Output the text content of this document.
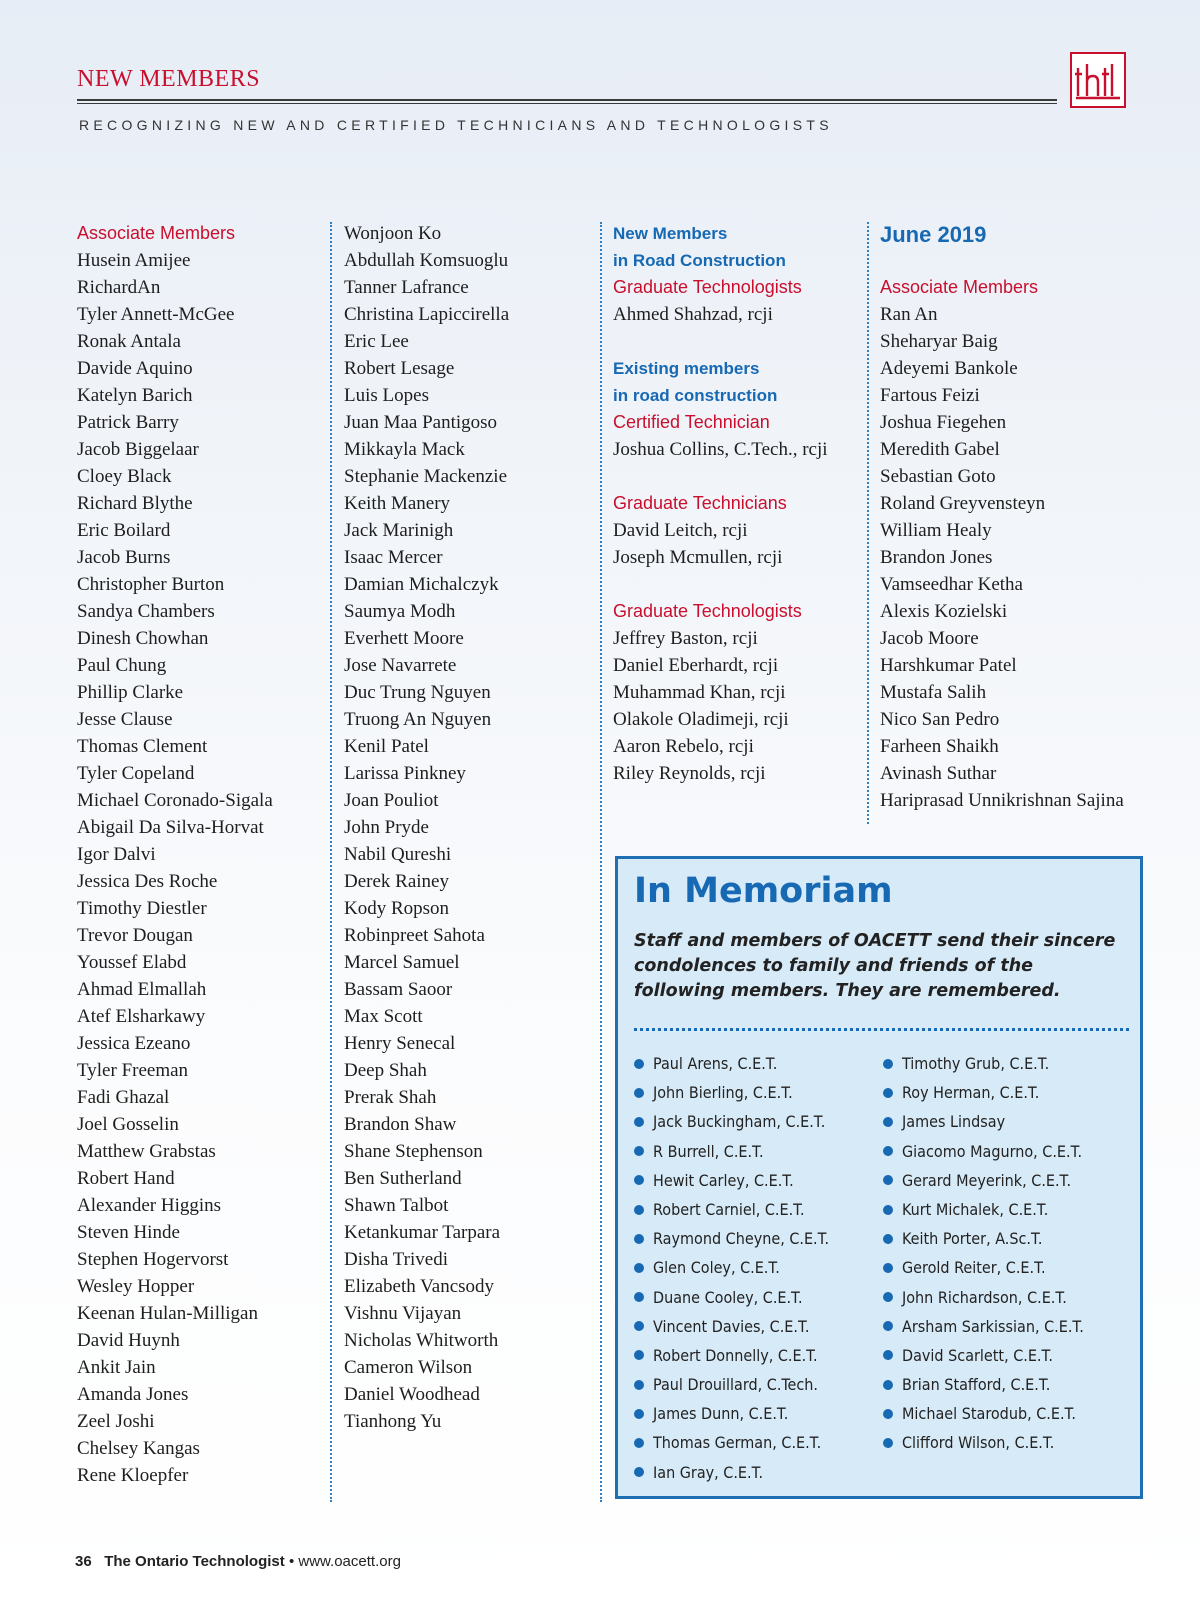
NEW MEMBERS
RECOGNIZING NEW AND CERTIFIED TECHNICIANS AND TECHNOLOGISTS
Associate Members
Husein Amijee
RichardAn
Tyler Annett-McGee
Ronak Antala
Davide Aquino
Katelyn Barich
Patrick Barry
Jacob Biggelaar
Cloey Black
Richard Blythe
Eric Boilard
Jacob Burns
Christopher Burton
Sandya Chambers
Dinesh Chowhan
Paul Chung
Phillip Clarke
Jesse Clause
Thomas Clement
Tyler Copeland
Michael Coronado-Sigala
Abigail Da Silva-Horvat
Igor Dalvi
Jessica Des Roche
Timothy Diestler
Trevor Dougan
Youssef Elabd
Ahmad Elmallah
Atef Elsharkawy
Jessica Ezeano
Tyler Freeman
Fadi Ghazal
Joel Gosselin
Matthew Grabstas
Robert Hand
Alexander Higgins
Steven Hinde
Stephen Hogervorst
Wesley Hopper
Keenan Hulan-Milligan
David Huynh
Ankit Jain
Amanda Jones
Zeel Joshi
Chelsey Kangas
Rene Kloepfer
Wonjoon Ko
Abdullah Komsuoglu
Tanner Lafrance
Christina Lapiccirella
Eric Lee
Robert Lesage
Luis Lopes
Juan Maa Pantigoso
Mikkayla Mack
Stephanie Mackenzie
Keith Manery
Jack Marinigh
Isaac Mercer
Damian Michalczyk
Saumya Modh
Everhett Moore
Jose Navarrete
Duc Trung Nguyen
Truong An Nguyen
Kenil Patel
Larissa Pinkney
Joan Pouliot
John Pryde
Nabil Qureshi
Derek Rainey
Kody Ropson
Robinpreet Sahota
Marcel Samuel
Bassam Saoor
Max Scott
Henry Senecal
Deep Shah
Prerak Shah
Brandon Shaw
Shane Stephenson
Ben Sutherland
Shawn Talbot
Ketankumar Tarpara
Disha Trivedi
Elizabeth Vancsody
Vishnu Vijayan
Nicholas Whitworth
Cameron Wilson
Daniel Woodhead
Tianhong Yu
New Members
in Road Construction
Graduate Technologists
Ahmed Shahzad, rcji
Existing members
in road construction
Certified Technician
Joshua Collins, C.Tech., rcji
Graduate Technicians
David Leitch, rcji
Joseph Mcmullen, rcji
Graduate Technologists
Jeffrey Baston, rcji
Daniel Eberhardt, rcji
Muhammad Khan, rcji
Olakole Oladimeji, rcji
Aaron Rebelo, rcji
Riley Reynolds, rcji
June 2019
Associate Members
Ran An
Sheharyar Baig
Adeyemi Bankole
Fartous Feizi
Joshua Fiegehen
Meredith Gabel
Sebastian Goto
Roland Greyvensteyn
William Healy
Brandon Jones
Vamseedhar Ketha
Alexis Kozielski
Jacob Moore
Harshkumar Patel
Mustafa Salih
Nico San Pedro
Farheen Shaikh
Avinash Suthar
Hariprasad Unnikrishnan Sajina
In Memoriam

Staff and members of OACETT send their sincere condolences to family and friends of the following members. They are remembered.

Paul Arens, C.E.T.
John Bierling, C.E.T.
Jack Buckingham, C.E.T.
R Burrell, C.E.T.
Hewit Carley, C.E.T.
Robert Carniel, C.E.T.
Raymond Cheyne, C.E.T.
Glen Coley, C.E.T.
Duane Cooley, C.E.T.
Vincent Davies, C.E.T.
Robert Donnelly, C.E.T.
Paul Drouillard, C.Tech.
James Dunn, C.E.T.
Thomas German, C.E.T.
Ian Gray, C.E.T.
Timothy Grub, C.E.T.
Roy Herman, C.E.T.
James Lindsay
Giacomo Magurno, C.E.T.
Gerard Meyerink, C.E.T.
Kurt Michalek, C.E.T.
Keith Porter, A.Sc.T.
Gerold Reiter, C.E.T.
John Richardson, C.E.T.
Arsham Sarkissian, C.E.T.
David Scarlett, C.E.T.
Brian Stafford, C.E.T.
Michael Starodub, C.E.T.
Clifford Wilson, C.E.T.
36 The Ontario Technologist • www.oacett.org
